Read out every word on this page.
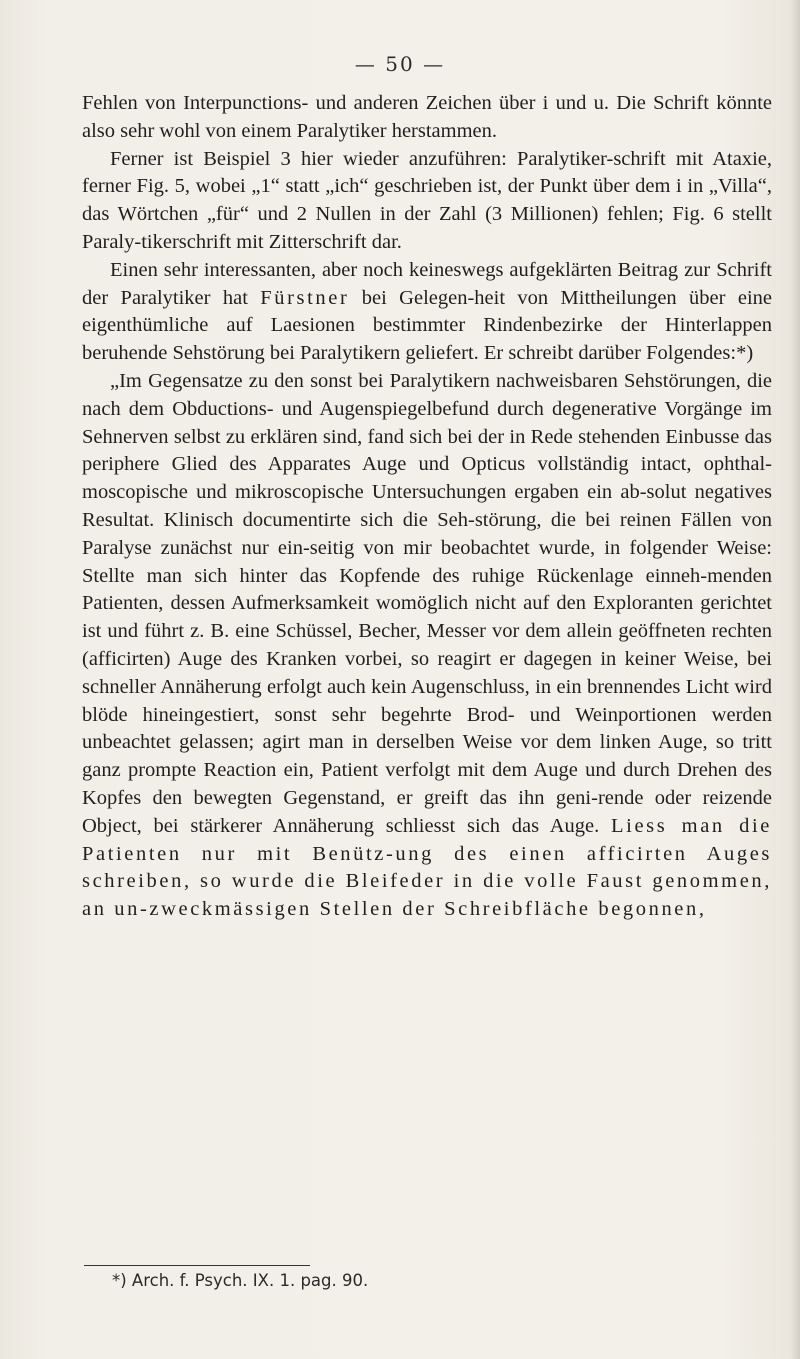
— 50 —

Fehlen von Interpunctions- und anderen Zeichen über i und u. Die Schrift könnte also sehr wohl von einem Paralytiker herstammen.

Ferner ist Beispiel 3 hier wieder anzuführen: Paralytiker-schrift mit Ataxie, ferner Fig. 5, wobei „1“ statt „ich“ geschrieben ist, der Punkt über dem i in „Villa“, das Wörtchen „für“ und 2 Nullen in der Zahl (3 Millionen) fehlen; Fig. 6 stellt Paraly-tikerschrift mit Zitterschrift dar.

Einen sehr interessanten, aber noch keineswegs aufgeklärten Beitrag zur Schrift der Paralytiker hat Fürstner bei Gelegen-heit von Mittheilungen über eine eigenthümliche auf Laesionen bestimmter Rindenbezirke der Hinterlappen beruhende Sehstörung bei Paralytikern geliefert. Er schreibt darüber Folgendes:*)

„Im Gegensatze zu den sonst bei Paralytikern nachweisbaren Sehstörungen, die nach dem Obductions- und Augenspiegelbefund durch degenerative Vorgänge im Sehnerven selbst zu erklären sind, fand sich bei der in Rede stehenden Einbusse das periphere Glied des Apparates Auge und Opticus vollständig intact, ophthal-moscopische und mikroscopische Untersuchungen ergaben ein ab-solut negatives Resultat. Klinisch documentirte sich die Seh-störung, die bei reinen Fällen von Paralyse zunächst nur ein-seitig von mir beobachtet wurde, in folgender Weise: Stellte man sich hinter das Kopfende des ruhige Rückenlage einneh-menden Patienten, dessen Aufmerksamkeit womöglich nicht auf den Exploranten gerichtet ist und führt z. B. eine Schüssel, Becher, Messer vor dem allein geöffneten rechten (afficirten) Auge des Kranken vorbei, so reagirt er dagegen in keiner Weise, bei schneller Annäherung erfolgt auch kein Augenschluss, in ein brennendes Licht wird blöde hineingestiert, sonst sehr begehrte Brod- und Weinportionen werden unbeachtet gelassen; agirt man in derselben Weise vor dem linken Auge, so tritt ganz prompte Reaction ein, Patient verfolgt mit dem Auge und durch Drehen des Kopfes den bewegten Gegenstand, er greift das ihn geni-rende oder reizende Object, bei stärkerer Annäherung schliesst sich das Auge. Liess man die Patienten nur mit Benütz-ung des einen afficirten Auges schreiben, so wurde die Bleifeder in die volle Faust genommen, an un-zweckmässigen Stellen der Schreibfläche begonnen,

*) Arch. f. Psych. IX. 1. pag. 90.
